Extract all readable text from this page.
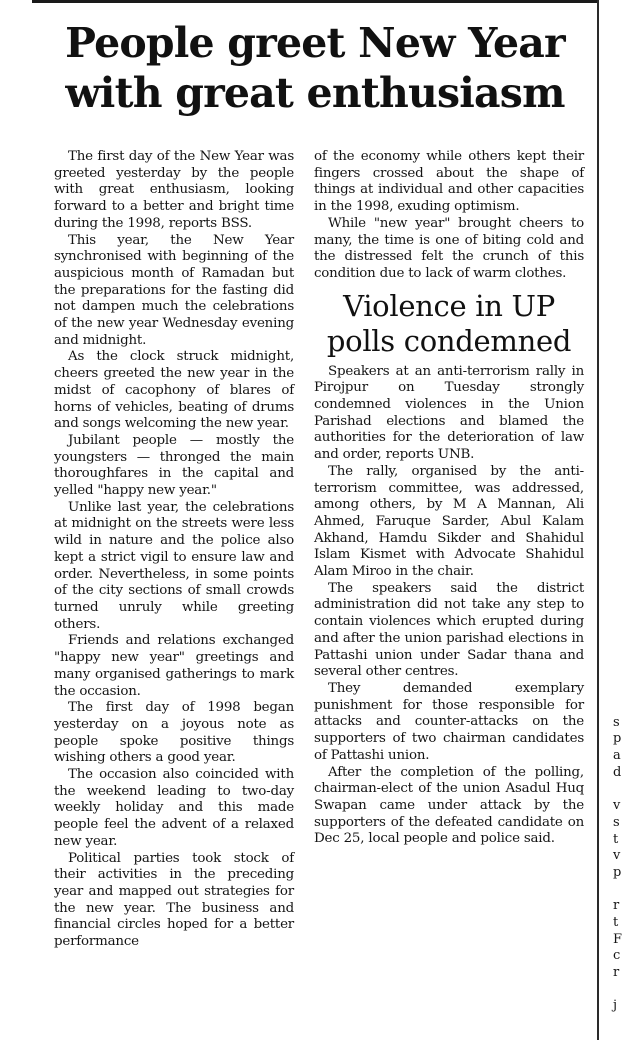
People greet New Year with great enthusiasm

The first day of the New Year was greeted yesterday by the people with great enthusiasm, looking forward to a better and bright time during the 1998, reports BSS.

This year, the New Year synchronised with beginning of the auspicious month of Ramadan but the preparations for the fasting did not dampen much the celebrations of the new year Wednesday evening and midnight.

As the clock struck midnight, cheers greeted the new year in the midst of cacophony of blares of horns of vehicles, beating of drums and songs welcoming the new year.

Jubilant people — mostly the youngsters — thronged the main thoroughfares in the capital and yelled "happy new year."

Unlike last year, the celebrations at midnight on the streets were less wild in nature and the police also kept a strict vigil to ensure law and order. Nevertheless, in some points of the city sections of small crowds turned unruly while greeting others.

Friends and relations exchanged "happy new year" greetings and many organised gatherings to mark the occasion.

The first day of 1998 began yesterday on a joyous note as people spoke positive things wishing others a good year.

The occasion also coincided with the weekend leading to two-day weekly holiday and this made people feel the advent of a relaxed new year.

Political parties took stock of their activities in the preceding year and mapped out strategies for the new year. The business and financial circles hoped for a better performance

of the economy while others kept their fingers crossed about the shape of things at individual and other capacities in the 1998, exuding optimism.

While "new year" brought cheers to many, the time is one of biting cold and the distressed felt the crunch of this condition due to lack of warm clothes.

Violence in UP polls condemned

Speakers at an anti-terrorism rally in Pirojpur on Tuesday strongly condemned violences in the Union Parishad elections and blamed the authorities for the deterioration of law and order, reports UNB.

The rally, organised by the anti-terrorism committee, was addressed, among others, by M A Mannan, Ali Ahmed, Faruque Sarder, Abul Kalam Akhand, Hamdu Sikder and Shahidul Islam Kismet with Advocate Shahidul Alam Miroo in the chair.

The speakers said the district administration did not take any step to contain violences which erupted during and after the union parishad elections in Pattashi union under Sadar thana and several other centres.

They demanded exemplary punishment for those responsible for attacks and counter-attacks on the supporters of two chairman candidates of Pattashi union.

After the completion of the polling, chairman-elect of the union Asadul Huq Swapan came under attack by the supporters of the defeated candidate on Dec 25, local people and police said.

s
p
a
d
v
s
t
v
p
r
t
F
c
r
j
